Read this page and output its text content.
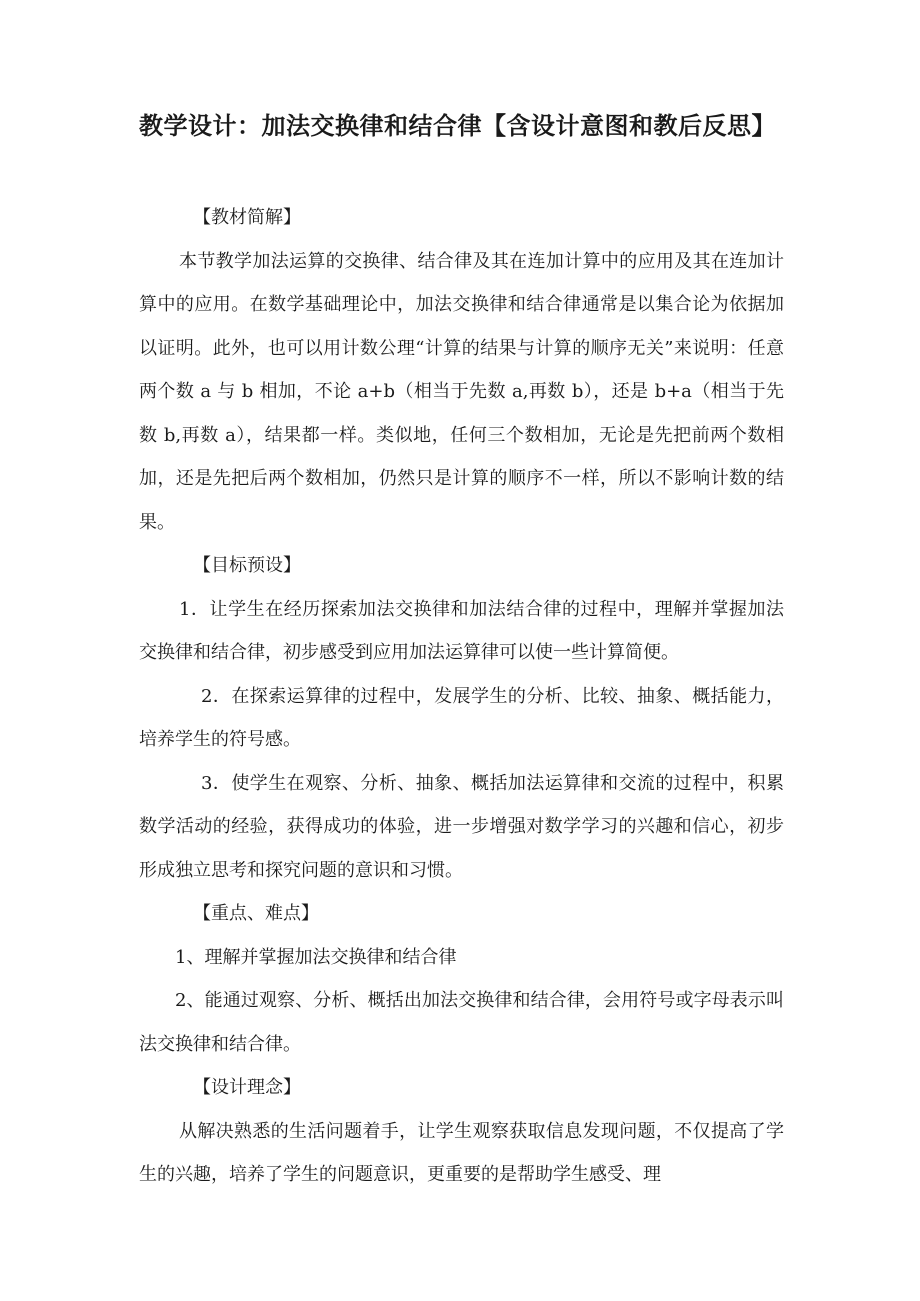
教学设计：加法交换律和结合律【含设计意图和教后反思】

【教材简解】

本节教学加法运算的交换律、结合律及其在连加计算中的应用及其在连加计算中的应用。在数学基础理论中，加法交换律和结合律通常是以集合论为依据加以证明。此外，也可以用计数公理“计算的结果与计算的顺序无关”来说明：任意两个数 a 与 b 相加，不论 a+b（相当于先数 a,再数 b），还是 b+a（相当于先数 b,再数 a），结果都一样。类似地，任何三个数相加，无论是先把前两个数相加，还是先把后两个数相加，仍然只是计算的顺序不一样，所以不影响计数的结果。

【目标预设】

1．让学生在经历探索加法交换律和加法结合律的过程中，理解并掌握加法交换律和结合律，初步感受到应用加法运算律可以使一些计算简便。

2．在探索运算律的过程中，发展学生的分析、比较、抽象、概括能力，培养学生的符号感。

3．使学生在观察、分析、抽象、概括加法运算律和交流的过程中，积累数学活动的经验，获得成功的体验，进一步增强对数学学习的兴趣和信心，初步形成独立思考和探究问题的意识和习惯。

【重点、难点】

1、理解并掌握加法交换律和结合律

2、能通过观察、分析、概括出加法交换律和结合律，会用符号或字母表示叫法交换律和结合律。

【设计理念】

从解决熟悉的生活问题着手，让学生观察获取信息发现问题，不仅提高了学生的兴趣，培养了学生的问题意识，更重要的是帮助学生感受、理
